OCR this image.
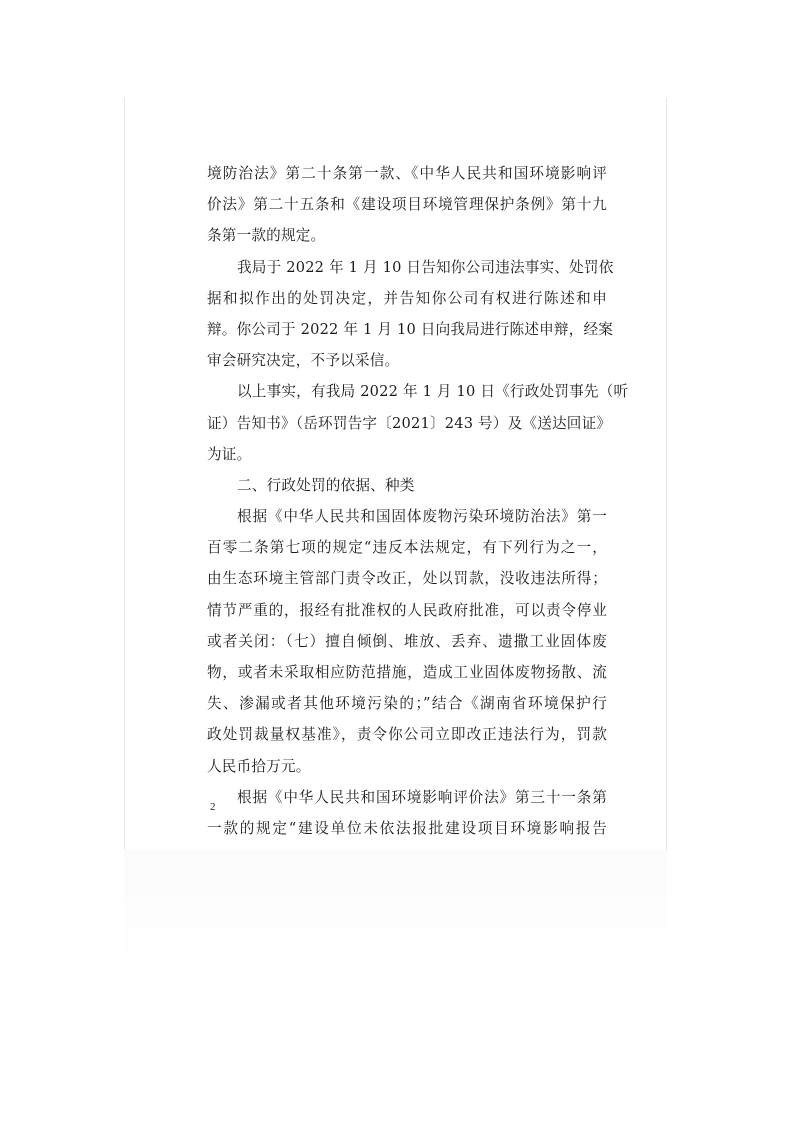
境防治法》第二十条第一款、《中华人民共和国环境影响评
价法》第二十五条和《建设项目环境管理保护条例》第十九
条第一款的规定。
我局于 2022 年 1 月 10 日告知你公司违法事实、处罚依
据和拟作出的处罚决定，并告知你公司有权进行陈述和申
辩。你公司于 2022 年 1 月 10 日向我局进行陈述申辩，经案
审会研究决定，不予以采信。
以上事实，有我局 2022 年 1 月 10 日《行政处罚事先（听
证）告知书》（岳环罚告字〔2021〕243 号）及《送达回证》
为证。
二、行政处罚的依据、种类
根据《中华人民共和国固体废物污染环境防治法》第一
百零二条第七项的规定“违反本法规定，有下列行为之一，
由生态环境主管部门责令改正，处以罚款，没收违法所得；
情节严重的，报经有批准权的人民政府批准，可以责令停业
或者关闭：（七）擅自倾倒、堆放、丢弃、遗撒工业固体废
物，或者未采取相应防范措施，造成工业固体废物扬散、流
失、渗漏或者其他环境污染的；”结合《湖南省环境保护行
政处罚裁量权基准》，责令你公司立即改正违法行为，罚款
人民币拾万元。
根据《中华人民共和国环境影响评价法》第三十一条第
一款的规定“建设单位未依法报批建设项目环境影响报告
2
